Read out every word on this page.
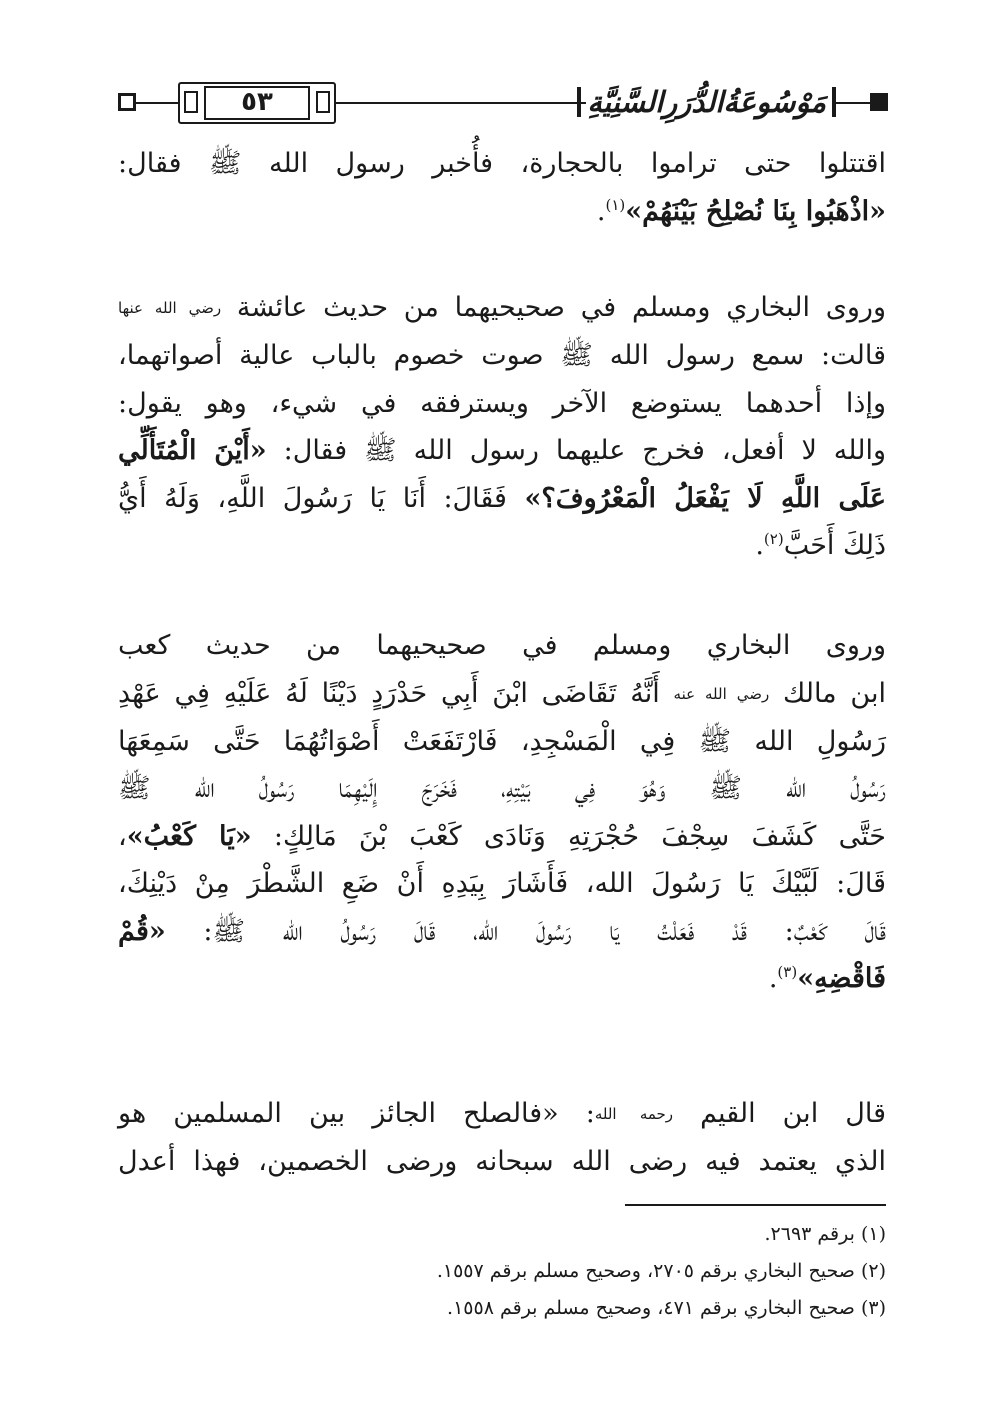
٥٣	مَوْسُوعَةُالدُّرَرِالسَّنِيَّةِ
اقتتلوا حتى تراموا بالحجارة، فأُخبر رسول الله ﷺ فقال:
«اذْهَبُوا بِنَا نُصْلِحُ بَيْنَهُمْ»$^{(١)}$.
وروى البخاري ومسلم في صحيحيهما من حديث عائشة رضي الله عنها
قالت: سمع رسول الله ﷺ صوت خصوم بالباب عالية أصواتهما،
وإذا أحدهما يستوضع الآخر ويسترفقه في شيء، وهو يقول:
والله لا أفعل، فخرج عليهما رسول الله ﷺ فقال: «أَيْنَ الْمُتَأَلِّي
عَلَى اللَّهِ لَا يَفْعَلُ الْمَعْرُوفَ؟» فَقَالَ: أَنَا يَا رَسُولَ اللَّهِ، وَلَهُ أَيُّ
ذَلِكَ أَحَبَّ$^{(٢)}$.
وروى البخاري ومسلم في صحيحيهما من حديث كعب
ابن مالك رضي الله عنه أَنَّهُ تَقَاضَى ابْنَ أَبِي حَدْرَدٍ دَيْنًا لَهُ عَلَيْهِ فِي عَهْدِ
رَسُولِ الله ﷺ فِي الْمَسْجِدِ، فَارْتَفَعَتْ أَصْوَاتُهُمَا حَتَّى سَمِعَهَا
رَسُولُ الله ﷺ وَهُوَ فِي بَيْتِهِ، فَخَرَجَ إِلَيْهِمَا رَسُولُ الله ﷺ
حَتَّى كَشَفَ سِجْفَ حُجْرَتِهِ وَنَادَى كَعْبَ بْنَ مَالِكٍ: «يَا كَعْبُ»،
قَالَ: لَبَّيْكَ يَا رَسُولَ الله، فَأَشَارَ بِيَدِهِ أَنْ ضَعِ الشَّطْرَ مِنْ دَيْنِكَ،
قَالَ كَعْبٌ: قَدْ فَعَلْتُ يَا رَسُولَ الله، قَالَ رَسُولُ الله ﷺ: «قُمْ
فَاقْضِهِ»$^{(٣)}$.
قال ابن القيم رحمه الله: «فالصلح الجائز بين المسلمين هو
الذي يعتمد فيه رضى الله سبحانه ورضى الخصمين، فهذا أعدل
(١) برقم ٢٦٩٣.
(٢) صحيح البخاري برقم ٢٧٠٥، وصحيح مسلم برقم ١٥٥٧.
(٣) صحيح البخاري برقم ٤٧١، وصحيح مسلم برقم ١٥٥٨.
